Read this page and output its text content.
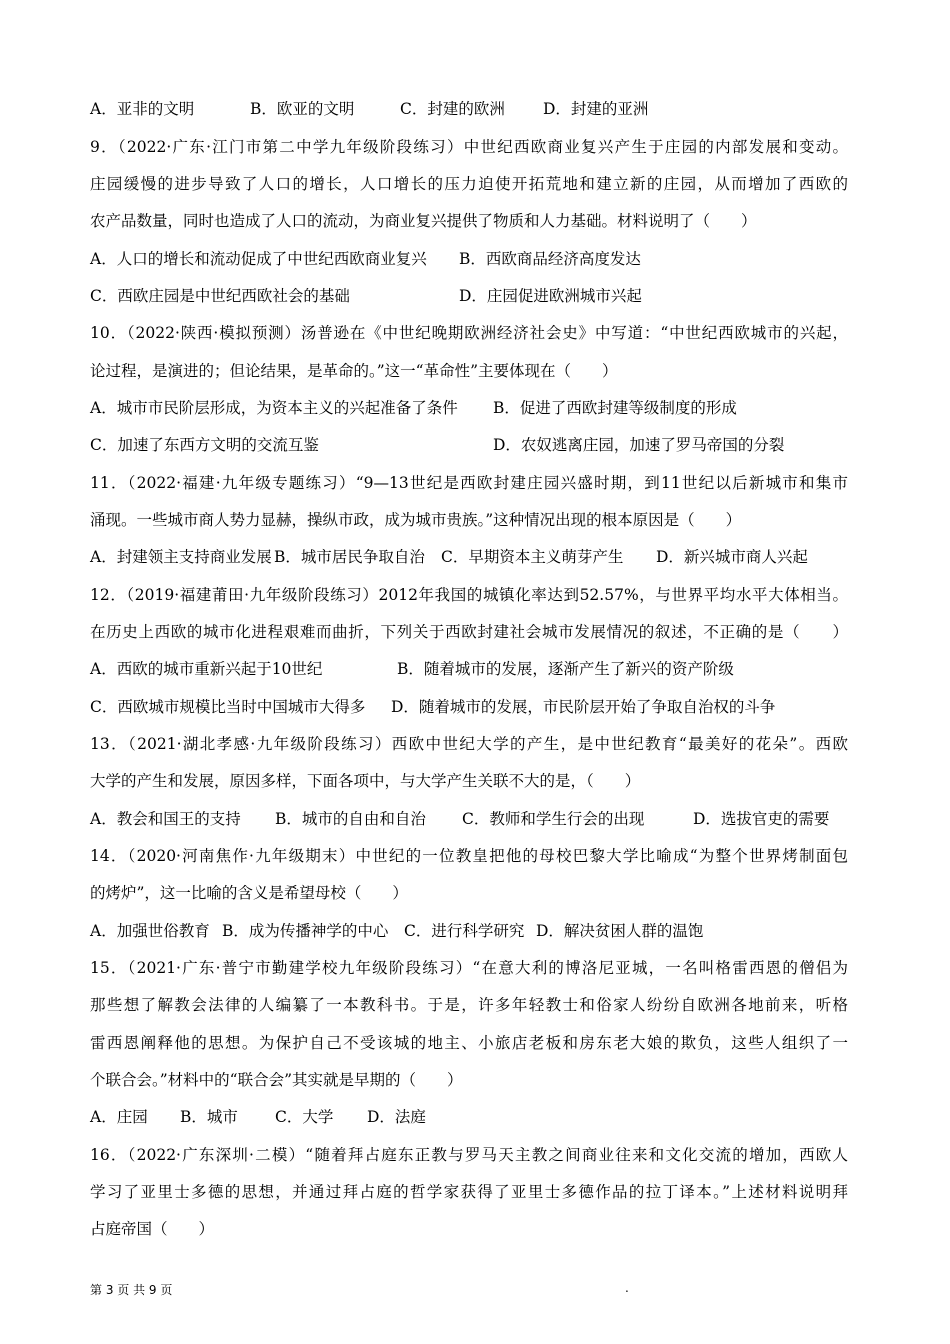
A．亚非的文明	B．欧亚的文明	C．封建的欧洲 D．封建的亚洲
9．（2022·广东·江门市第二中学九年级阶段练习）中世纪西欧商业复兴产生于庄园的内部发展和变动。
庄园缓慢的进步导致了人口的增长，人口增长的压力迫使开拓荒地和建立新的庄园，从而增加了西欧的
农产品数量，同时也造成了人口的流动，为商业复兴提供了物质和人力基础。材料说明了（　　）
A．人口的增长和流动促成了中世纪西欧商业复兴 B．西欧商品经济高度发达
C．西欧庄园是中世纪西欧社会的基础	D．庄园促进欧洲城市兴起
10．（2022·陕西·模拟预测）汤普逊在《中世纪晚期欧洲经济社会史》中写道：“中世纪西欧城市的兴起，
论过程，是演进的；但论结果，是革命的。”这一“革命性”主要体现在（　　）
A．城市市民阶层形成，为资本主义的兴起准备了条件 B．促进了西欧封建等级制度的形成
C．加速了东西方文明的交流互鉴	D．农奴逃离庄园，加速了罗马帝国的分裂
11．（2022·福建·九年级专题练习）“9—13世纪是西欧封建庄园兴盛时期，到11世纪以后新城市和集市
涌现。一些城市商人势力显赫，操纵市政，成为城市贵族。”这种情况出现的根本原因是（　　）
A．封建领主支持商业发展 B．城市居民争取自治 C．早期资本主义萌芽产生 D．新兴城市商人兴起
12．（2019·福建莆田·九年级阶段练习）2012年我国的城镇化率达到52.57%，与世界平均水平大体相当。
在历史上西欧的城市化进程艰难而曲折，下列关于西欧封建社会城市发展情况的叙述，不正确的是（　　）
A．西欧的城市重新兴起于10世纪	B．随着城市的发展，逐渐产生了新兴的资产阶级
C．西欧城市规模比当时中国城市大得多 D．随着城市的发展，市民阶层开始了争取自治权的斗争
13．（2021·湖北孝感·九年级阶段练习）西欧中世纪大学的产生，是中世纪教育“最美好的花朵”。西欧
大学的产生和发展，原因多样，下面各项中，与大学产生关联不大的是，（　　）
A．教会和国王的支持 B．城市的自由和自治 C．教师和学生行会的出现	D．选拔官吏的需要
14．（2020·河南焦作·九年级期末）中世纪的一位教皇把他的母校巴黎大学比喻成“为整个世界烤制面包
的烤炉”，这一比喻的含义是希望母校（　　）
A．加强世俗教育 B．成为传播神学的中心 C．进行科学研究 D．解决贫困人群的温饱
15．（2021·广东·普宁市勤建学校九年级阶段练习）“在意大利的博洛尼亚城，一名叫格雷西恩的僧侣为
那些想了解教会法律的人编纂了一本教科书。于是，许多年轻教士和俗家人纷纷自欧洲各地前来，听格
雷西恩阐释他的思想。为保护自己不受该城的地主、小旅店老板和房东老大娘的欺负，这些人组织了一
个联合会。”材料中的“联合会”其实就是早期的（　　）
A．庄园 B．城市 C．大学 D．法庭
16．（2022·广东深圳·二模）“随着拜占庭东正教与罗马天主教之间商业往来和文化交流的增加，西欧人
学习了亚里士多德的思想，并通过拜占庭的哲学家获得了亚里士多德作品的拉丁译本。”上述材料说明拜
占庭帝国（　　）
第 3 页 共 9 页	.
